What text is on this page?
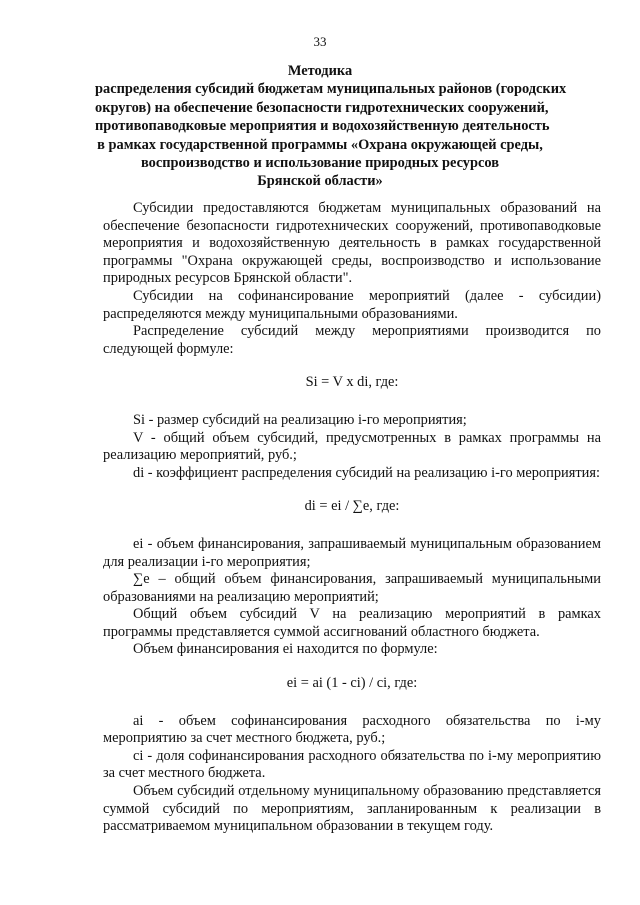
33
Методика
распределения субсидий бюджетам муниципальных районов (городских
округов) на обеспечение безопасности гидротехнических сооружений,
противопаводковые мероприятия и водохозяйственную деятельность
в рамках государственной программы «Охрана окружающей среды,
воспроизводство и использование природных ресурсов
Брянской области»

Субсидии предоставляются бюджетам муниципальных образований на обеспечение безопасности гидротехнических сооружений, противопаводковые мероприятия и водохозяйственную деятельность в рамках государственной программы "Охрана окружающей среды, воспроизводство и использование природных ресурсов Брянской области".

Субсидии на софинансирование мероприятий (далее - субсидии) распределяются между муниципальными образованиями.

Распределение субсидий между мероприятиями производится по следующей формуле:

Si = V x di, где:

Si - размер субсидий на реализацию i-го мероприятия;

V - общий объем субсидий, предусмотренных в рамках программы на реализацию мероприятий, руб.;

di - коэффициент распределения субсидий на реализацию i-го мероприятия:

di = ei / ∑e, где:

ei - объем финансирования, запрашиваемый муниципальным образованием для реализации i-го мероприятия;

∑e – общий объем финансирования, запрашиваемый муниципальными образованиями на реализацию мероприятий;

Общий объем субсидий V на реализацию мероприятий в рамках программы представляется суммой ассигнований областного бюджета.

Объем финансирования ei находится по формуле:

ei = ai (1 - ci) / ci, где:

ai - объем софинансирования расходного обязательства по i-му мероприятию за счет местного бюджета, руб.;

ci - доля софинансирования расходного обязательства по i-му мероприятию за счет местного бюджета.

Объем субсидий отдельному муниципальному образованию представляется суммой субсидий по мероприятиям, запланированным к реализации в рассматриваемом муниципальном образовании в текущем году.
